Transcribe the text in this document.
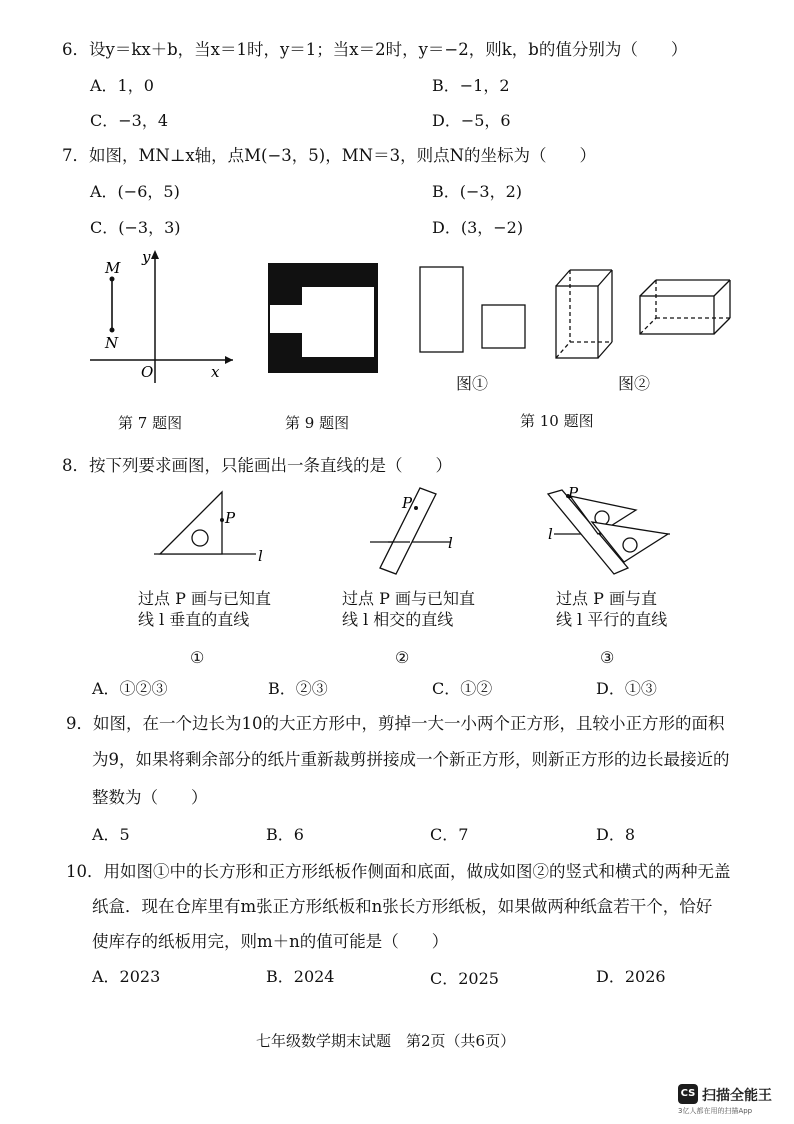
6．设y＝kx＋b，当x＝1时，y＝1；当x＝2时，y＝−2，则k，b的值分别为（　　）
A．1，0	B．−1，2
C．−3，4	D．−5，6
7．如图，MN⊥x轴，点M(−3，5)，MN＝3，则点N的坐标为（　　）
A．(−6，5)	B．(−3，2)
C．(−3，3)	D．(3，−2)
M
N
y
O	x
图①	图②
第 7 题图	第 9 题图	第 10 题图
8．按下列要求画图，只能画出一条直线的是（　　）
P
l
P
l
P
l
过点 P 画与已知直
线 l 垂直的直线
①
过点 P 画与已知直
线 l 相交的直线
②
过点 P 画与直
线 l 平行的直线
③
A．①②③	B．②③	C．①②	D．①③
9．如图，在一个边长为10的大正方形中，剪掉一大一小两个正方形，且较小正方形的面积
为9，如果将剩余部分的纸片重新裁剪拼接成一个新正方形，则新正方形的边长最接近的
整数为（　　）
A．5	B．6	C．7	D．8
10．用如图①中的长方形和正方形纸板作侧面和底面，做成如图②的竖式和横式的两种无盖
纸盒．现在仓库里有m张正方形纸板和n张长方形纸板，如果做两种纸盒若干个，恰好
使库存的纸板用完，则m＋n的值可能是（　　）
A．2023	B．2024	C．2025	D．2026
七年级数学期末试题　第2页（共6页）
CS 扫描全能王
3亿人都在用的扫描App
